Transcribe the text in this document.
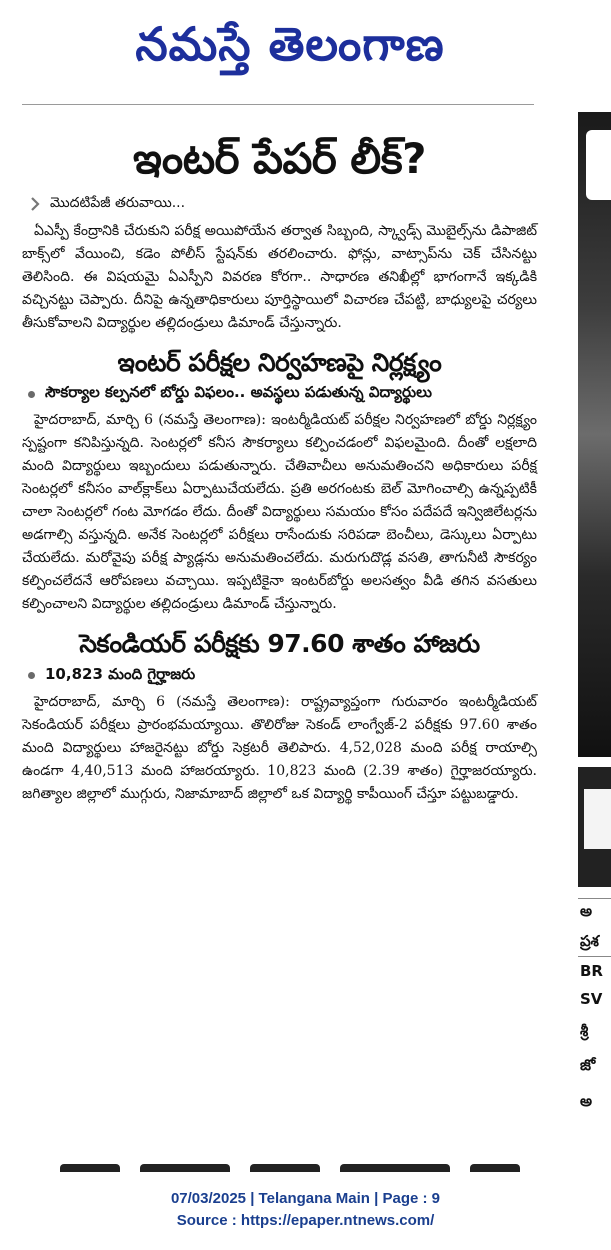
నమస్తే తెలంగాణ
ఇంటర్ పేపర్ లీక్?
మొదటిపేజీ తరువాయి...

ఏఎస్పీ కేంద్రానికి చేరుకుని పరీక్ష అయిపోయేన తర్వాత సిబ్బంది, స్క్వాడ్స్ మొబైల్స్‌ను డిపాజిట్ బాక్స్‌లో వేయించి, కడెం పోలీస్ స్టేషన్‌కు తరలించారు. ఫోన్లు, వాట్సాప్‌ను చెక్ చేసినట్టు తెలిసింది. ఈ విషయమై ఏఎస్పీని వివరణ కోరగా.. సాధారణ తనిఖీల్లో భాగంగానే ఇక్కడికి వచ్చినట్టు చెప్పారు. దీనిపై ఉన్నతాధికారులు పూర్తిస్థాయిలో విచారణ చేపట్టి, బాధ్యులపై చర్యలు తీసుకోవాలని విద్యార్థుల తల్లిదండ్రులు డిమాండ్ చేస్తున్నారు.

ఇంటర్ పరీక్షల నిర్వహణపై నిర్లక్ష్యం
సౌకర్యాల కల్పనలో బోర్డు విఫలం.. అవస్థలు పడుతున్న విద్యార్థులు

హైదరాబాద్, మార్చి 6 (నమస్తే తెలంగాణ): ఇంటర్మీడియట్ పరీక్షల నిర్వహణలో బోర్డు నిర్లక్ష్యం స్పష్టంగా కనిపిస్తున్నది. సెంటర్లలో కనీస సౌకర్యాలు కల్పించడంలో విఫలమైంది. దీంతో లక్షలాది మంది విద్యార్థులు ఇబ్బందులు పడుతున్నారు. చేతివాచీలు అనుమతించని అధికారులు పరీక్ష సెంటర్లలో కనీసం వాల్‌క్లాక్‌లు ఏర్పాటుచేయలేదు. ప్రతి అరగంటకు బెల్ మోగించాల్సి ఉన్నప్పటికీ చాలా సెంటర్లలో గంట మోగడం లేదు. దీంతో విద్యార్థులు సమయం కోసం పదేపదే ఇన్విజిలేటర్లను అడగాల్సి వస్తున్నది. అనేక సెంటర్లలో పరీక్షలు రాసేందుకు సరిపడా బెంచీలు, డెస్కులు ఏర్పాటు చేయలేదు. మరోవైపు పరీక్ష ప్యాడ్లను అనుమతించలేదు. మరుగుదొడ్ల వసతి, తాగునీటి సౌకర్యం కల్పించలేదనే ఆరోపణలు వచ్చాయి. ఇప్పటికైనా ఇంటర్‌బోర్డు అలసత్వం వీడి తగిన వసతులు కల్పించాలని విద్యార్థుల తల్లిదండ్రులు డిమాండ్ చేస్తున్నారు.

సెకండియర్ పరీక్షకు 97.60 శాతం హాజరు
10,823 మంది గైర్హాజరు

హైదరాబాద్, మార్చి 6 (నమస్తే తెలంగాణ): రాష్ట్రవ్యాప్తంగా గురువారం ఇంటర్మీడియట్ సెకండియర్ పరీక్షలు ప్రారంభమయ్యాయి. తొలిరోజు సెకండ్ లాంగ్వేజ్-2 పరీక్షకు 97.60 శాతం మంది విద్యార్థులు హాజరైనట్టు బోర్డు సెక్రటరీ తెలిపారు. 4,52,028 మంది పరీక్ష రాయాల్సి ఉండగా 4,40,513 మంది హాజరయ్యారు. 10,823 మంది (2.39 శాతం) గైర్హాజరయ్యారు. జగిత్యాల జిల్లాలో ముగ్గురు, నిజామాబాద్ జిల్లాలో ఒక విద్యార్థి కాపీయింగ్ చేస్తూ పట్టుబడ్డారు.

అ
ప్రశ
BR
SV
శ్రీ
జో
అ
07/03/2025 | Telangana Main | Page : 9
Source : https://epaper.ntnews.com/
